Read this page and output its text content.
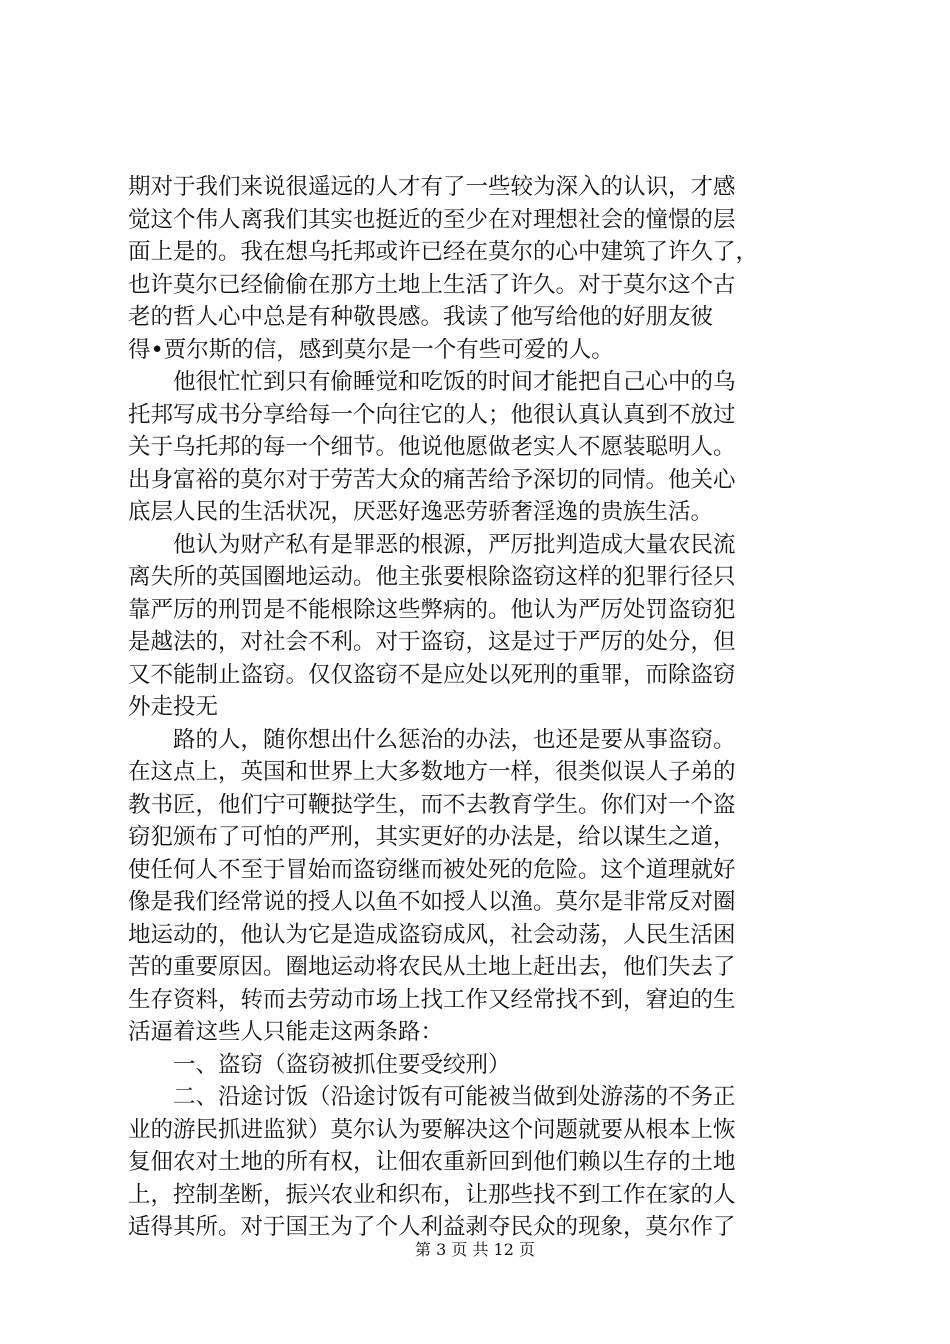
期对于我们来说很遥远的人才有了一些较为深入的认识，才感
觉这个伟人离我们其实也挺近的至少在对理想社会的憧憬的层
面上是的。我在想乌托邦或许已经在莫尔的心中建筑了许久了，
也许莫尔已经偷偷在那方土地上生活了许久。对于莫尔这个古
老的哲人心中总是有种敬畏感。我读了他写给他的好朋友彼
得•贾尔斯的信，感到莫尔是一个有些可爱的人。
　　他很忙忙到只有偷睡觉和吃饭的时间才能把自己心中的乌
托邦写成书分享给每一个向往它的人；他很认真认真到不放过
关于乌托邦的每一个细节。他说他愿做老实人不愿装聪明人。
出身富裕的莫尔对于劳苦大众的痛苦给予深切的同情。他关心
底层人民的生活状况，厌恶好逸恶劳骄奢淫逸的贵族生活。
　　他认为财产私有是罪恶的根源，严厉批判造成大量农民流
离失所的英国圈地运动。他主张要根除盗窃这样的犯罪行径只
靠严厉的刑罚是不能根除这些弊病的。他认为严厉处罚盗窃犯
是越法的，对社会不利。对于盗窃，这是过于严厉的处分，但
又不能制止盗窃。仅仅盗窃不是应处以死刑的重罪，而除盗窃
外走投无
　　路的人，随你想出什么惩治的办法，也还是要从事盗窃。
在这点上，英国和世界上大多数地方一样，很类似误人子弟的
教书匠，他们宁可鞭挞学生，而不去教育学生。你们对一个盗
窃犯颁布了可怕的严刑，其实更好的办法是，给以谋生之道，
使任何人不至于冒始而盗窃继而被处死的危险。这个道理就好
像是我们经常说的授人以鱼不如授人以渔。莫尔是非常反对圈
地运动的，他认为它是造成盗窃成风，社会动荡，人民生活困
苦的重要原因。圈地运动将农民从土地上赶出去，他们失去了
生存资料，转而去劳动市场上找工作又经常找不到，窘迫的生
活逼着这些人只能走这两条路：
　　一、盗窃（盗窃被抓住要受绞刑）
　　二、沿途讨饭（沿途讨饭有可能被当做到处游荡的不务正
业的游民抓进监狱）莫尔认为要解决这个问题就要从根本上恢
复佃农对土地的所有权，让佃农重新回到他们赖以生存的土地
上，控制垄断，振兴农业和织布，让那些找不到工作在家的人
适得其所。对于国王为了个人利益剥夺民众的现象，莫尔作了
第 3 页 共 12 页
